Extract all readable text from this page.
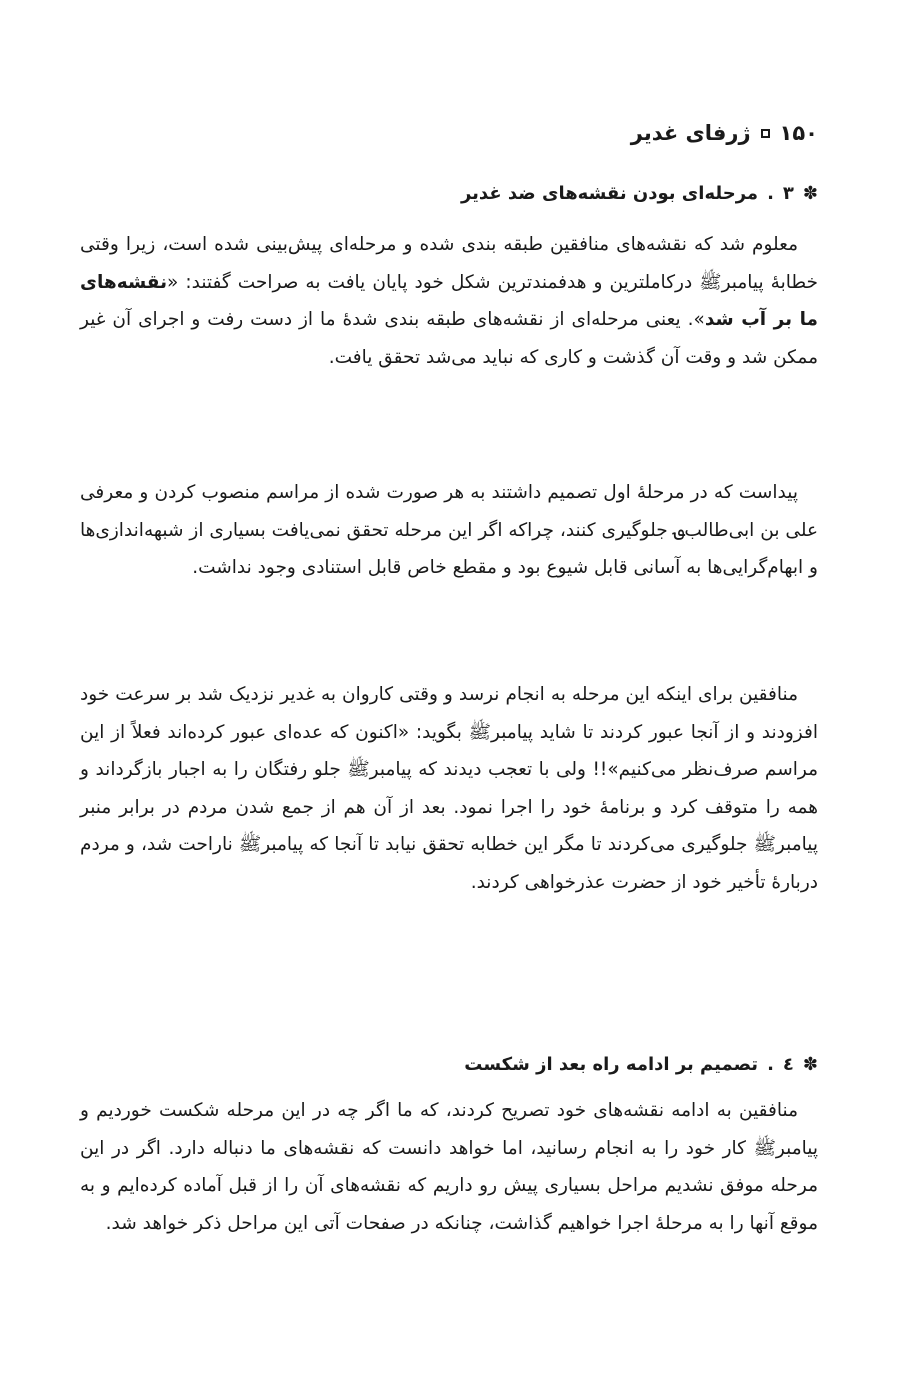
۱۵۰
ژرفای غدیر
✽
۳
.
مرحله‌ای بودن نقشه‌های ضد غدیر

معلوم شد که نقشه‌های منافقین طبقه بندی شده و مرحله‌ای پیش‌بینی شده است، زیرا وقتی خطابهٔ پیامبرﷺ درکاملترین و هدفمندترین شکل خود پایان یافت به صراحت گفتند: «نقشه‌های ما بر آب شد». یعنی مرحله‌ای از نقشه‌های طبقه بندی شدهٔ ما از دست رفت و اجرای آن غیر ممکن شد و وقت آن گذشت و کاری که نباید می‌شد تحقق یافت.

پیداست که در مرحلهٔ اول تصمیم داشتند به هر صورت شده از مراسم منصوب کردن و معرفی علی بن ابی‌طالب؈ جلوگیری کنند، چراکه اگر این مرحله تحقق نمی‌یافت بسیاری از شبهه‌اندازی‌ها و ابهام‌گرایی‌ها به آسانی قابل شیوع بود و مقطع خاص قابل استنادی وجود نداشت.

منافقین برای اینکه این مرحله به انجام نرسد و وقتی کاروان به غدیر نزدیک شد بر سرعت خود افزودند و از آنجا عبور کردند تا شاید پیامبرﷺ بگوید: «اکنون که عده‌ای عبور کرده‌اند فعلاً از این مراسم صرف‌نظر می‌کنیم»!! ولی با تعجب دیدند که پیامبرﷺ جلو رفتگان را به اجبار بازگرداند و همه را متوقف کرد و برنامهٔ خود را اجرا نمود. بعد از آن هم از جمع شدن مردم در برابر منبر پیامبرﷺ جلوگیری می‌کردند تا مگر این خطابه تحقق نیابد تا آنجا که پیامبرﷺ ناراحت شد، و مردم دربارهٔ تأخیر خود از حضرت عذرخواهی کردند.

✽
٤
.
تصمیم بر ادامه راه بعد از شکست

منافقین به ادامه نقشه‌های خود تصریح کردند، که ما اگر چه در این مرحله شکست خوردیم و پیامبرﷺ کار خود را به انجام رسانید، اما خواهد دانست که نقشه‌های ما دنباله دارد. اگر در این مرحله موفق نشدیم مراحل بسیاری پیش رو داریم که نقشه‌های آن را از قبل آماده کرده‌ایم و به موقع آنها را به مرحلهٔ اجرا خواهیم گذاشت، چنانکه در صفحات آتی این مراحل ذکر خواهد شد.
